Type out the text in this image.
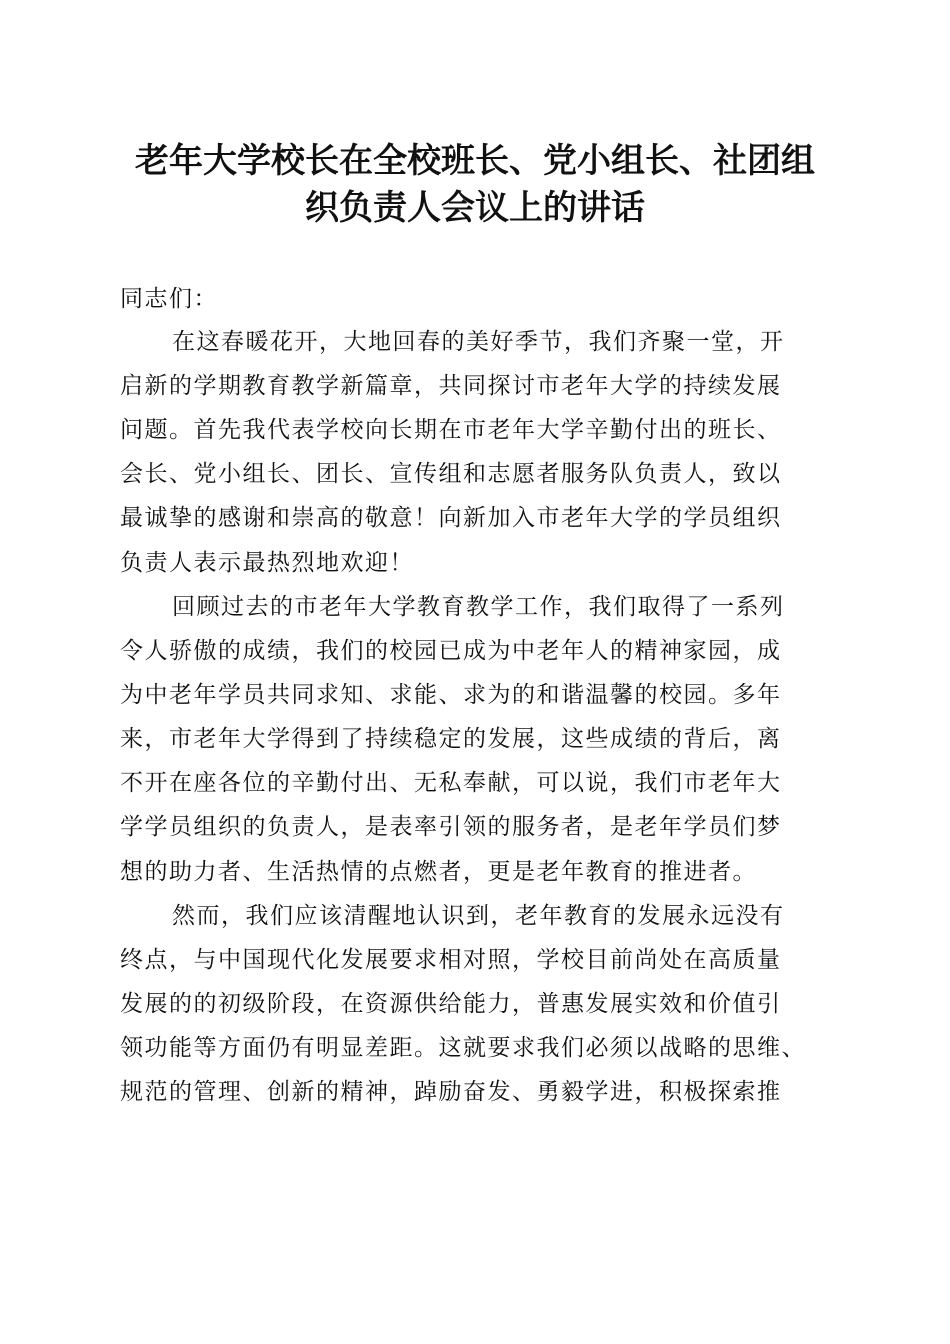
老年大学校长在全校班长、党小组长、社团组
织负责人会议上的讲话
同志们：
在这春暖花开，大地回春的美好季节，我们齐聚一堂，开
启新的学期教育教学新篇章，共同探讨市老年大学的持续发展
问题。首先我代表学校向长期在市老年大学辛勤付出的班长、
会长、党小组长、团长、宣传组和志愿者服务队负责人，致以
最诚挚的感谢和崇高的敬意！向新加入市老年大学的学员组织
负责人表示最热烈地欢迎！
回顾过去的市老年大学教育教学工作，我们取得了一系列
令人骄傲的成绩，我们的校园已成为中老年人的精神家园，成
为中老年学员共同求知、求能、求为的和谐温馨的校园。多年
来，市老年大学得到了持续稳定的发展，这些成绩的背后，离
不开在座各位的辛勤付出、无私奉献，可以说，我们市老年大
学学员组织的负责人，是表率引领的服务者，是老年学员们梦
想的助力者、生活热情的点燃者，更是老年教育的推进者。
然而，我们应该清醒地认识到，老年教育的发展永远没有
终点，与中国现代化发展要求相对照，学校目前尚处在高质量
发展的的初级阶段，在资源供给能力，普惠发展实效和价值引
领功能等方面仍有明显差距。这就要求我们必须以战略的思维、
规范的管理、创新的精神，踔励奋发、勇毅学进，积极探索推
